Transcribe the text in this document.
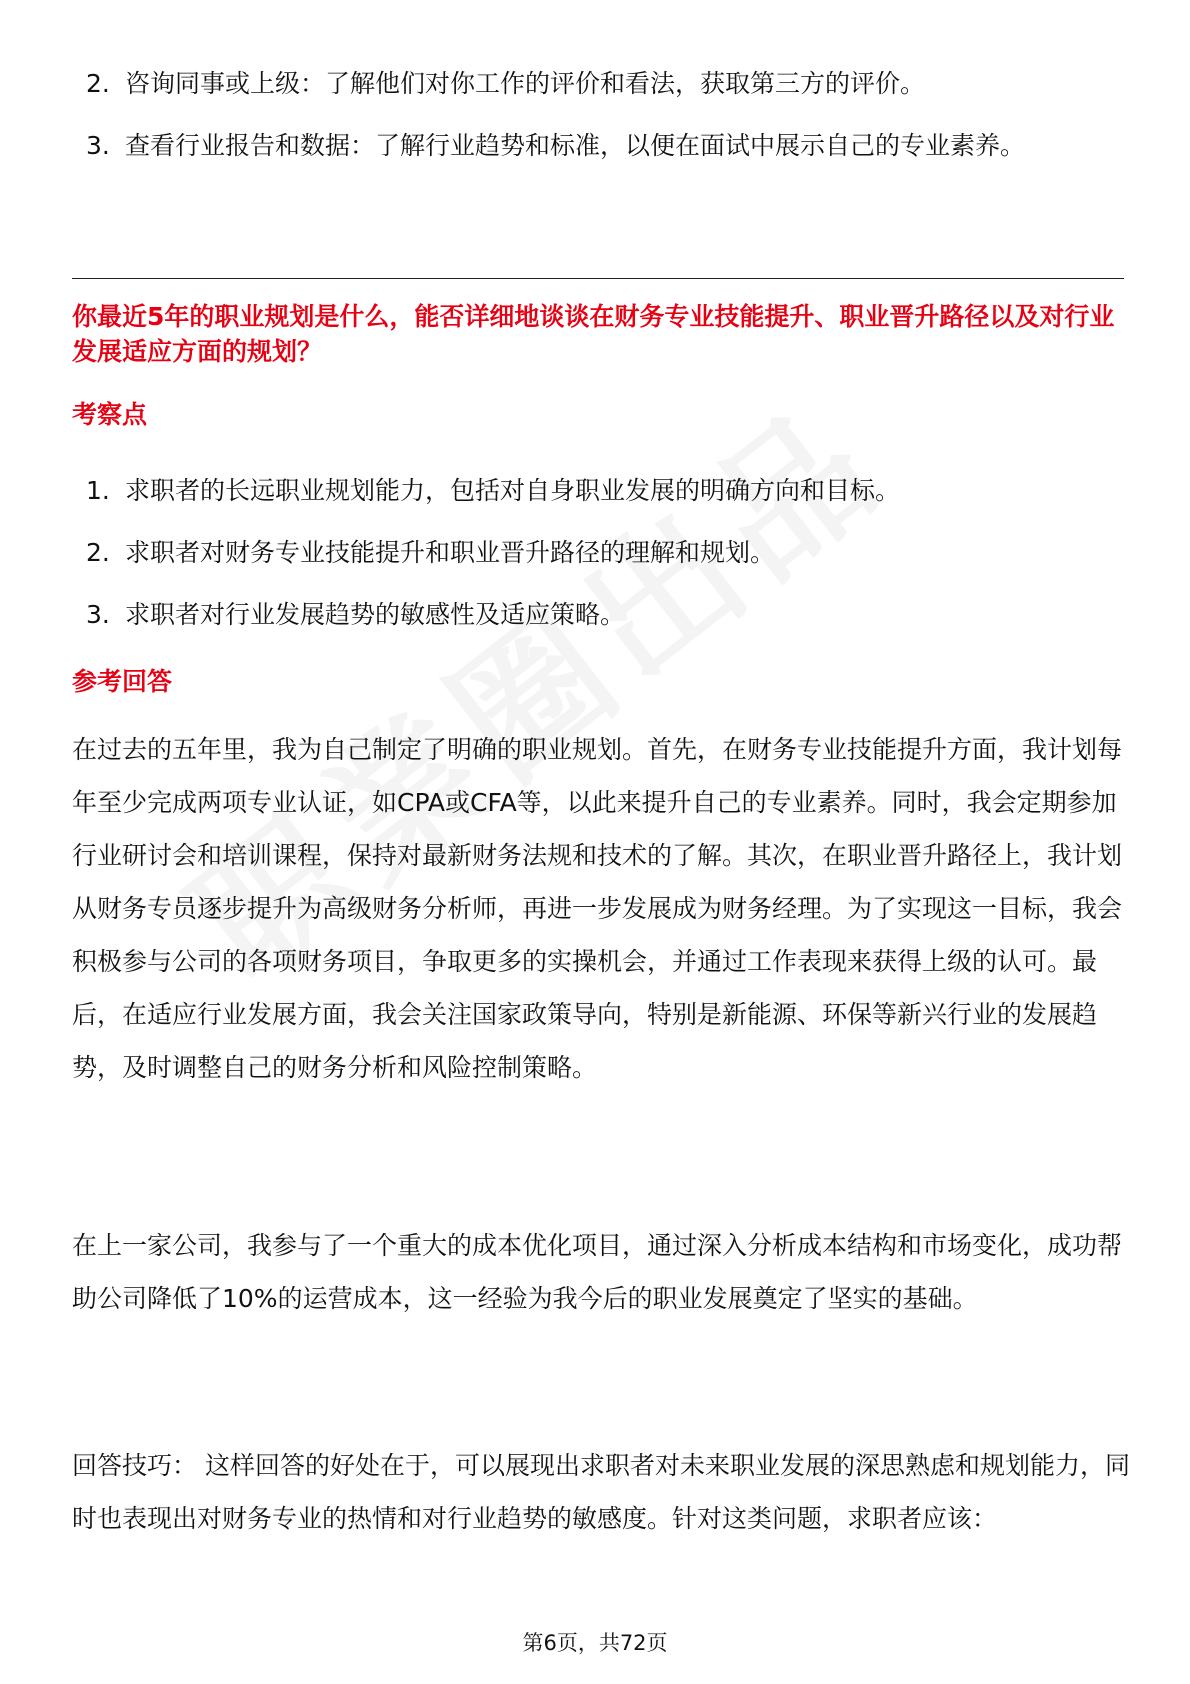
2. 咨询同事或上级：了解他们对你工作的评价和看法，获取第三方的评价。
3. 查看行业报告和数据：了解行业趋势和标准，以便在面试中展示自己的专业素养。
你最近5年的职业规划是什么，能否详细地谈谈在财务专业技能提升、职业晋升路径以及对行业发展适应方面的规划？
考察点
1. 求职者的长远职业规划能力，包括对自身职业发展的明确方向和目标。
2. 求职者对财务专业技能提升和职业晋升路径的理解和规划。
3. 求职者对行业发展趋势的敏感性及适应策略。
参考回答

在过去的五年里，我为自己制定了明确的职业规划。首先，在财务专业技能提升方面，我计划每年至少完成两项专业认证，如CPA或CFA等，以此来提升自己的专业素养。同时，我会定期参加行业研讨会和培训课程，保持对最新财务法规和技术的了解。其次，在职业晋升路径上，我计划从财务专员逐步提升为高级财务分析师，再进一步发展成为财务经理。为了实现这一目标，我会积极参与公司的各项财务项目，争取更多的实操机会，并通过工作表现来获得上级的认可。最后，在适应行业发展方面，我会关注国家政策导向，特别是新能源、环保等新兴行业的发展趋势，及时调整自己的财务分析和风险控制策略。

在上一家公司，我参与了一个重大的成本优化项目，通过深入分析成本结构和市场变化，成功帮助公司降低了10%的运营成本，这一经验为我今后的职业发展奠定了坚实的基础。

回答技巧： 这样回答的好处在于，可以展现出求职者对未来职业发展的深思熟虑和规划能力，同时也表现出对财务专业的热情和对行业趋势的敏感度。针对这类问题，求职者应该：

第6页，共72页
